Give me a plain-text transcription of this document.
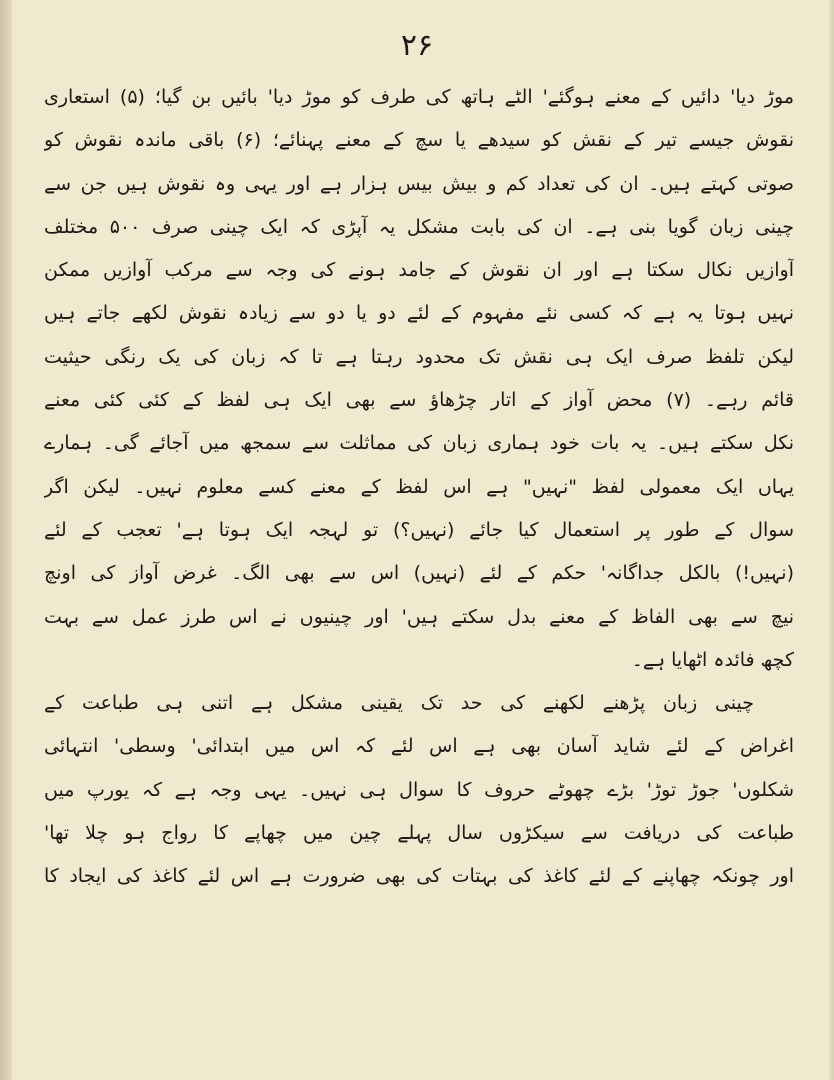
۲۶
موڑ دیا' دائیں کے معنے ہوگئے' الٹے ہاتھ کی طرف کو موڑ دیا' بائیں بن گیا؛ (۵) استعاری
نقوش جیسے تیر کے نقش کو سیدھے یا سچ کے معنے پہنائے؛ (۶) باقی ماندہ نقوش کو
صوتی کہتے ہیں۔ ان کی تعداد کم و بیش بیس ہزار ہے اور یہی وہ نقوش ہیں جن سے
چینی زبان گویا بنی ہے۔ ان کی بابت مشکل یہ آپڑی کہ ایک چینی صرف ۵۰۰ مختلف
آوازیں نکال سکتا ہے اور ان نقوش کے جامد ہونے کی وجہ سے مرکب آوازیں ممکن
نہیں ہوتا یہ ہے کہ کسی نئے مفہوم کے لئے دو یا دو سے زیادہ نقوش لکھے جاتے ہیں
لیکن تلفظ صرف ایک ہی نقش تک محدود رہتا ہے تا کہ زبان کی یک رنگی حیثیت
قائم رہے۔ (۷) محض آواز کے اتار چڑھاؤ سے بھی ایک ہی لفظ کے کئی کئی معنے
نکل سکتے ہیں۔ یہ بات خود ہماری زبان کی مماثلت سے سمجھ میں آجائے گی۔ ہمارے
یہاں ایک معمولی لفظ "نہیں" ہے اس لفظ کے معنے کسے معلوم نہیں۔ لیکن اگر
سوال کے طور پر استعمال کیا جائے (نہیں؟) تو لہجہ ایک ہوتا ہے' تعجب کے لئے
(نہیں!) بالکل جداگانہ' حکم کے لئے (نہیں) اس سے بھی الگ۔ غرض آواز کی اونچ
نیچ سے بھی الفاظ کے معنے بدل سکتے ہیں' اور چینیوں نے اس طرز عمل سے بہت
کچھ فائدہ اٹھایا ہے۔
چینی زبان پڑھنے لکھنے کی حد تک یقینی مشکل ہے اتنی ہی طباعت کے
اغراض کے لئے شاید آسان بھی ہے اس لئے کہ اس میں ابتدائی' وسطی' انتہائی
شکلوں' جوڑ توڑ' بڑے چھوٹے حروف کا سوال ہی نہیں۔ یہی وجہ ہے کہ یورپ میں
طباعت کی دریافت سے سیکڑوں سال پہلے چین میں چھاپے کا رواج ہو چلا تھا'
اور چونکہ چھاپنے کے لئے کاغذ کی بہتات کی بھی ضرورت ہے اس لئے کاغذ کی ایجاد کا
